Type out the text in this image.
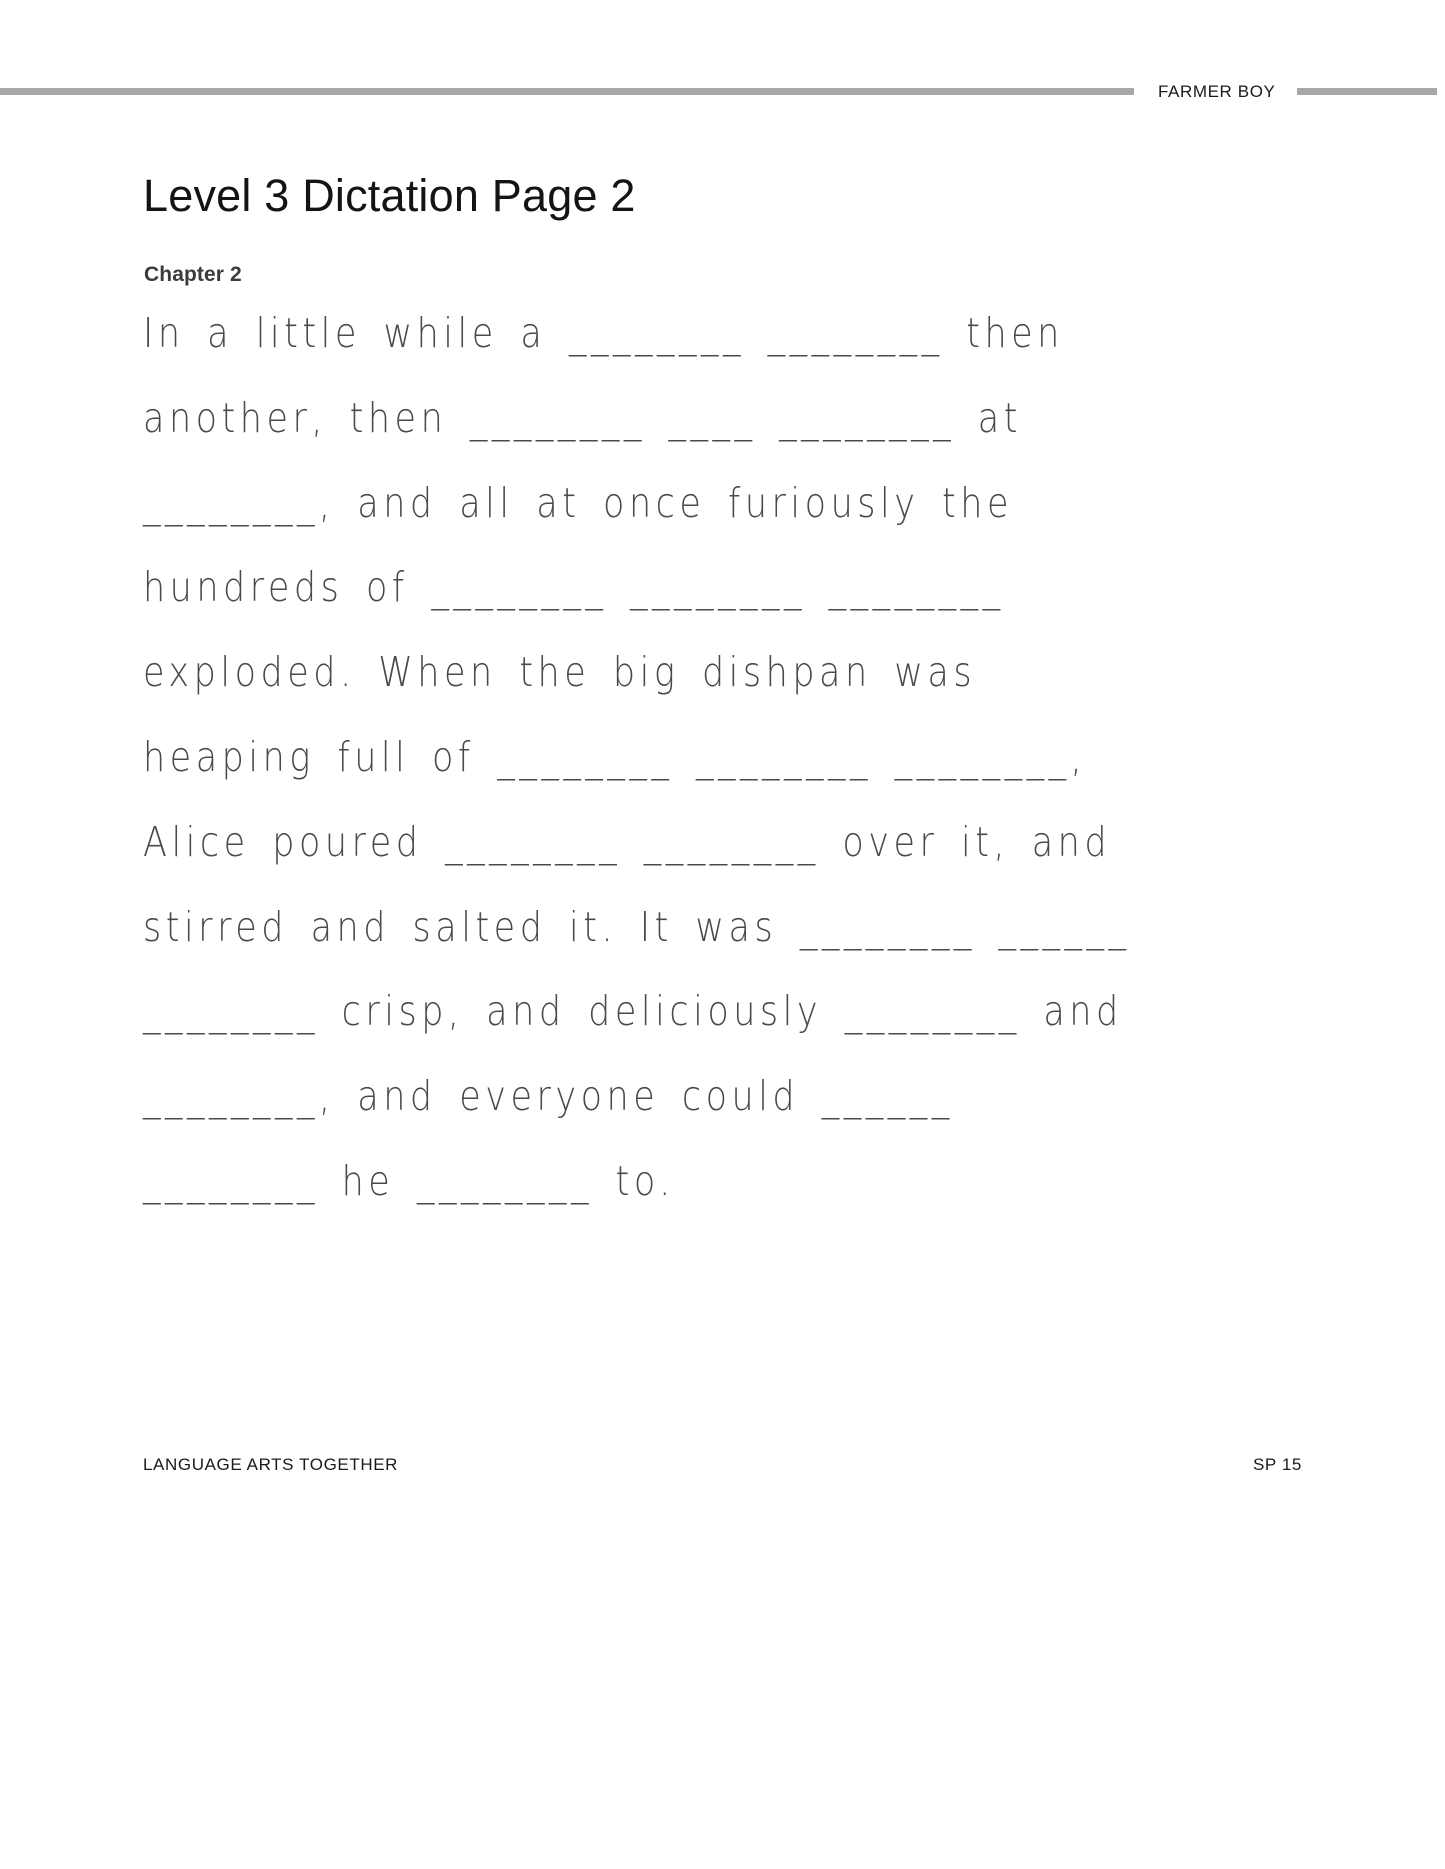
FARMER BOY
Level 3 Dictation Page 2
Chapter 2
In a little while a ________ ________ then
another, then ________ ____ ________ at
________, and all at once furiously the
hundreds of ________ ________ ________
exploded. When the big dishpan was
heaping full of ________ ________ ________,
Alice poured ________ ________ over it, and
stirred and salted it. It was ________ ______
________ crisp, and deliciously ________ and
________, and everyone could ______
________ he ________ to.
LANGUAGE ARTS TOGETHER	SP 15
